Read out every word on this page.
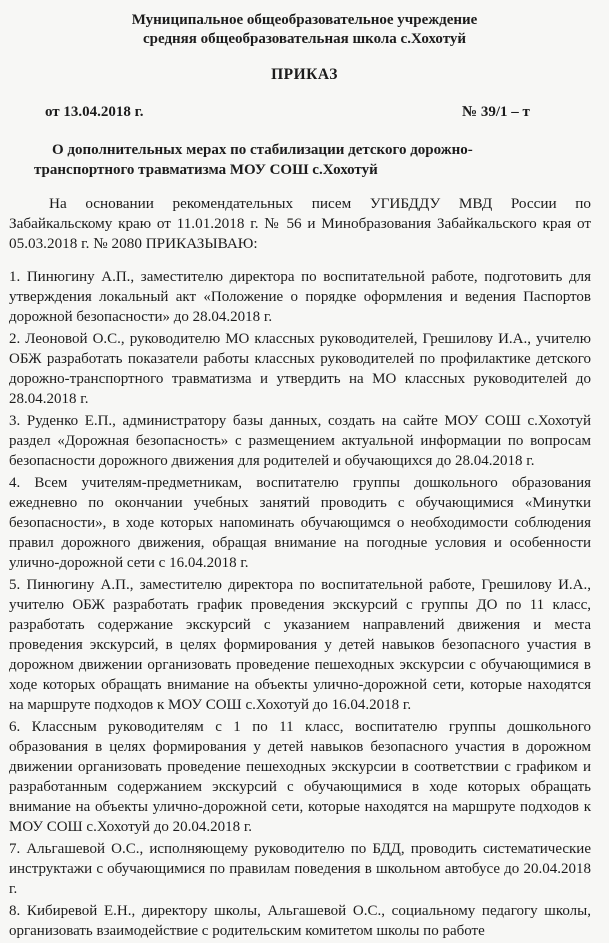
Муниципальное общеобразовательное учреждение
средняя общеобразовательная школа с.Хохотуй
ПРИКАЗ
от 13.04.2018 г.	№ 39/1 – т
О дополнительных мерах по стабилизации детского дорожно-
транспортного травматизма МОУ СОШ с.Хохотуй
На основании рекомендательных писем УГИБДДУ МВД России по Забайкальскому краю от 11.01.2018 г. № 56 и Минобразования Забайкальского края от 05.03.2018 г. № 2080 ПРИКАЗЫВАЮ:
1. Пинюгину А.П., заместителю директора по воспитательной работе, подготовить для утверждения локальный акт «Положение о порядке оформления и ведения Паспортов дорожной безопасности» до 28.04.2018 г.
2. Леоновой О.С., руководителю МО классных руководителей, Грешилову И.А., учителю ОБЖ разработать показатели работы классных руководителей по профилактике детского дорожно-транспортного травматизма и утвердить на МО классных руководителей до 28.04.2018 г.
3. Руденко Е.П., администратору базы данных, создать на сайте МОУ СОШ с.Хохотуй раздел «Дорожная безопасность» с размещением актуальной информации по вопросам безопасности дорожного движения для родителей и обучающихся до 28.04.2018 г.
4. Всем учителям-предметникам, воспитателю группы дошкольного образования ежедневно по окончании учебных занятий проводить с обучающимися «Минутки безопасности», в ходе которых напоминать обучающимся о необходимости соблюдения правил дорожного движения, обращая внимание на погодные условия и особенности улично-дорожной сети с 16.04.2018 г.
5. Пинюгину А.П., заместителю директора по воспитательной работе, Грешилову И.А., учителю ОБЖ разработать график проведения экскурсий с группы ДО по 11 класс, разработать содержание экскурсий с указанием направлений движения и места проведения экскурсий, в целях формирования у детей навыков безопасного участия в дорожном движении организовать проведение пешеходных экскурсии с обучающимися в ходе которых обращать внимание на объекты улично-дорожной сети, которые находятся на маршруте подходов к МОУ СОШ с.Хохотуй до 16.04.2018 г.
6. Классным руководителям с 1 по 11 класс, воспитателю группы дошкольного образования в целях формирования у детей навыков безопасного участия в дорожном движении организовать проведение пешеходных экскурсии в соответствии с графиком и разработанным содержанием экскурсий с обучающимися в ходе которых обращать внимание на объекты улично-дорожной сети, которые находятся на маршруте подходов к МОУ СОШ с.Хохотуй до 20.04.2018 г.
7. Альгашевой О.С., исполняющему руководителю по БДД, проводить систематические инструктажи с обучающимися по правилам поведения в школьном автобусе до 20.04.2018 г.
8. Кибиревой Е.Н., директору школы, Альгашевой О.С., социальному педагогу школы, организовать взаимодействие с родительским комитетом школы по работе
